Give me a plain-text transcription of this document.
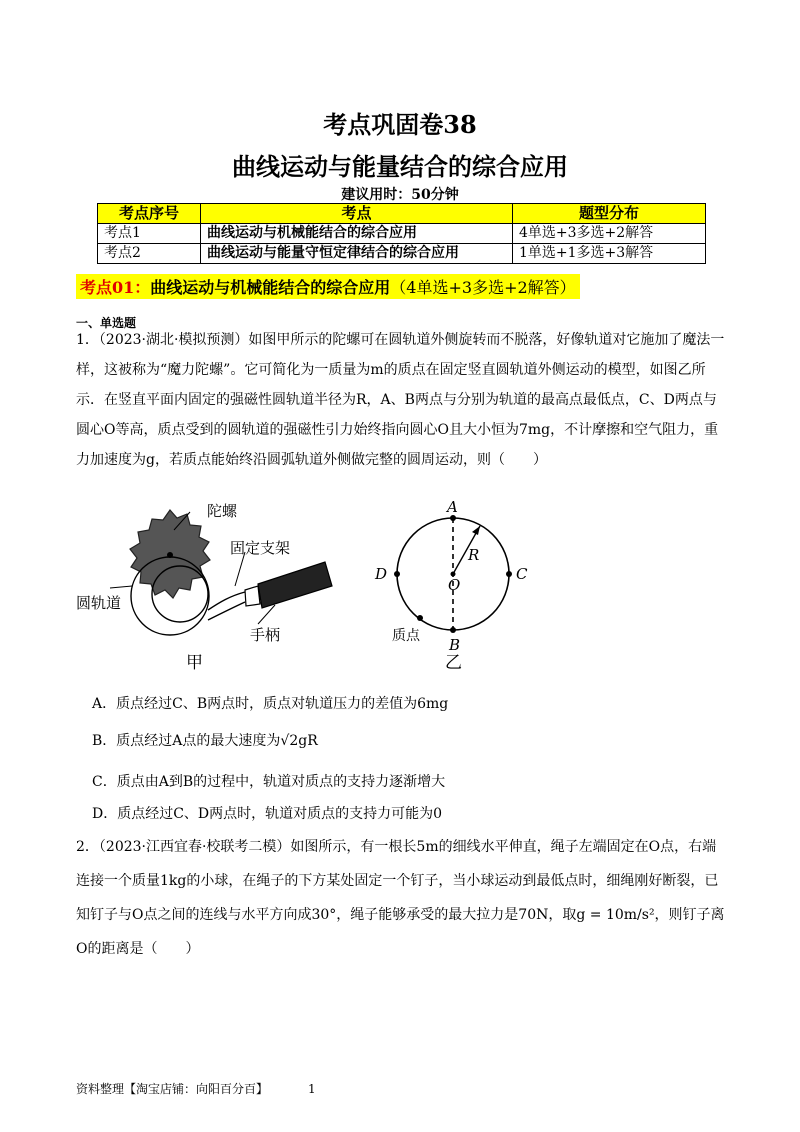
考点巩固卷38
曲线运动与能量结合的综合应用
建议用时：50分钟
考点序号	考点	题型分布
考点1	曲线运动与机械能结合的综合应用	4单选+3多选+2解答
考点2	曲线运动与能量守恒定律结合的综合应用	1单选+1多选+3解答
考点01：曲线运动与机械能结合的综合应用（4单选+3多选+2解答）
一、单选题
1．（2023·湖北·模拟预测）如图甲所示的陀螺可在圆轨道外侧旋转而不脱落，好像轨道对它施加了魔法一
样，这被称为“魔力陀螺”。它可简化为一质量为m的质点在固定竖直圆轨道外侧运动的模型，如图乙所
示．在竖直平面内固定的强磁性圆轨道半径为R，A、B两点与分别为轨道的最高点最低点，C、D两点与
圆心O等高，质点受到的圆轨道的强磁性引力始终指向圆心O且大小恒为7mg，不计摩擦和空气阻力，重
力加速度为g，若质点能始终沿圆弧轨道外侧做完整的圆周运动，则（　　）
陀螺
固定支架
圆轨道
手柄
甲
A
B
C
D
O
R
质点
乙
A．质点经过C、B两点时，质点对轨道压力的差值为6mg
B．质点经过A点的最大速度为√2gR
C．质点由A到B的过程中，轨道对质点的支持力逐渐增大
D．质点经过C、D两点时，轨道对质点的支持力可能为0
2．（2023·江西宜春·校联考二模）如图所示，有一根长5m的细线水平伸直，绳子左端固定在O点，右端
连接一个质量1kg的小球，在绳子的下方某处固定一个钉子，当小球运动到最低点时，细绳刚好断裂，已
知钉子与O点之间的连线与水平方向成30°，绳子能够承受的最大拉力是70N，取g = 10m/s²，则钉子离
O的距离是（　　）
资料整理【淘宝店铺：向阳百分百】	1
